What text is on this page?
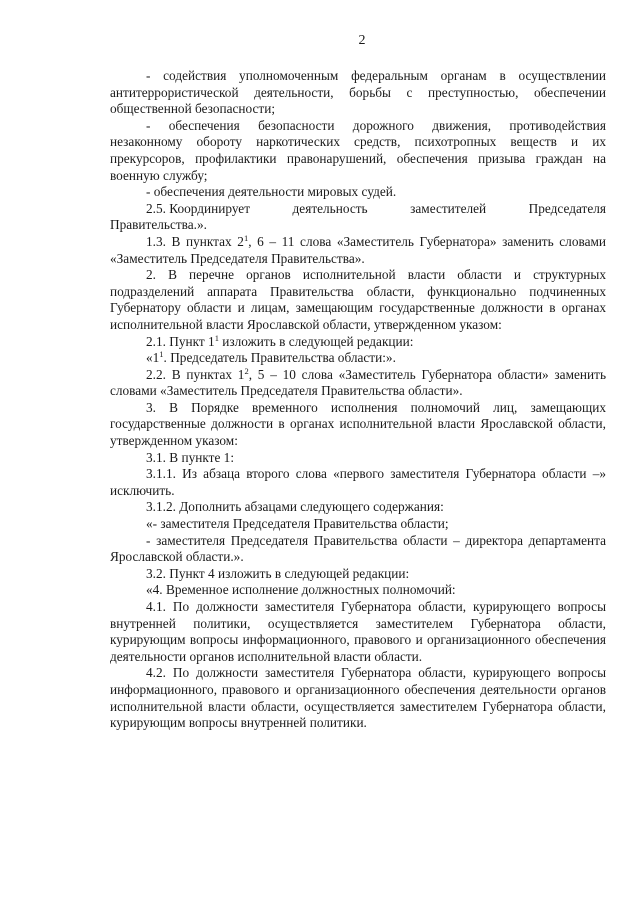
2

- содействия уполномоченным федеральным органам в осуществлении антитеррористической деятельности, борьбы с преступностью, обеспечении общественной безопасности;

- обеспечения безопасности дорожного движения, противодействия незаконному обороту наркотических средств, психотропных веществ и их прекурсоров, профилактики правонарушений, обеспечения призыва граждан на военную службу;

- обеспечения деятельности мировых судей.

2.5. Координирует	деятельность	заместителей	Председателя

Правительства.».

1.3. В пунктах $2^1$, 6 – 11 слова «Заместитель Губернатора» заменить словами «Заместитель Председателя Правительства».

2. В перечне органов исполнительной власти области и структурных подразделений аппарата Правительства области, функционально подчиненных Губернатору области и лицам, замещающим государственные должности в органах исполнительной власти Ярославской области, утвержденном указом:

2.1. Пункт $1^1$ изложить в следующей редакции:

«$1^1$. Председатель Правительства области:».

2.2. В пунктах $1^2$, 5 – 10 слова «Заместитель Губернатора области» заменить словами «Заместитель Председателя Правительства области».

3. В Порядке временного исполнения полномочий лиц, замещающих государственные должности в органах исполнительной власти Ярославской области, утвержденном указом:

3.1. В пункте 1:

3.1.1. Из абзаца второго слова «первого заместителя Губернатора области –» исключить.

3.1.2. Дополнить абзацами следующего содержания:

«- заместителя Председателя Правительства области;

- заместителя Председателя Правительства области – директора департамента Ярославской области.».

3.2. Пункт 4 изложить в следующей редакции:

«4. Временное исполнение должностных полномочий:

4.1. По должности заместителя Губернатора области, курирующего вопросы внутренней политики, осуществляется заместителем Губернатора области, курирующим вопросы информационного, правового и организационного обеспечения деятельности органов исполнительной власти области.

4.2. По должности заместителя Губернатора области, курирующего вопросы информационного, правового и организационного обеспечения деятельности органов исполнительной власти области, осуществляется заместителем Губернатора области, курирующим вопросы внутренней политики.
